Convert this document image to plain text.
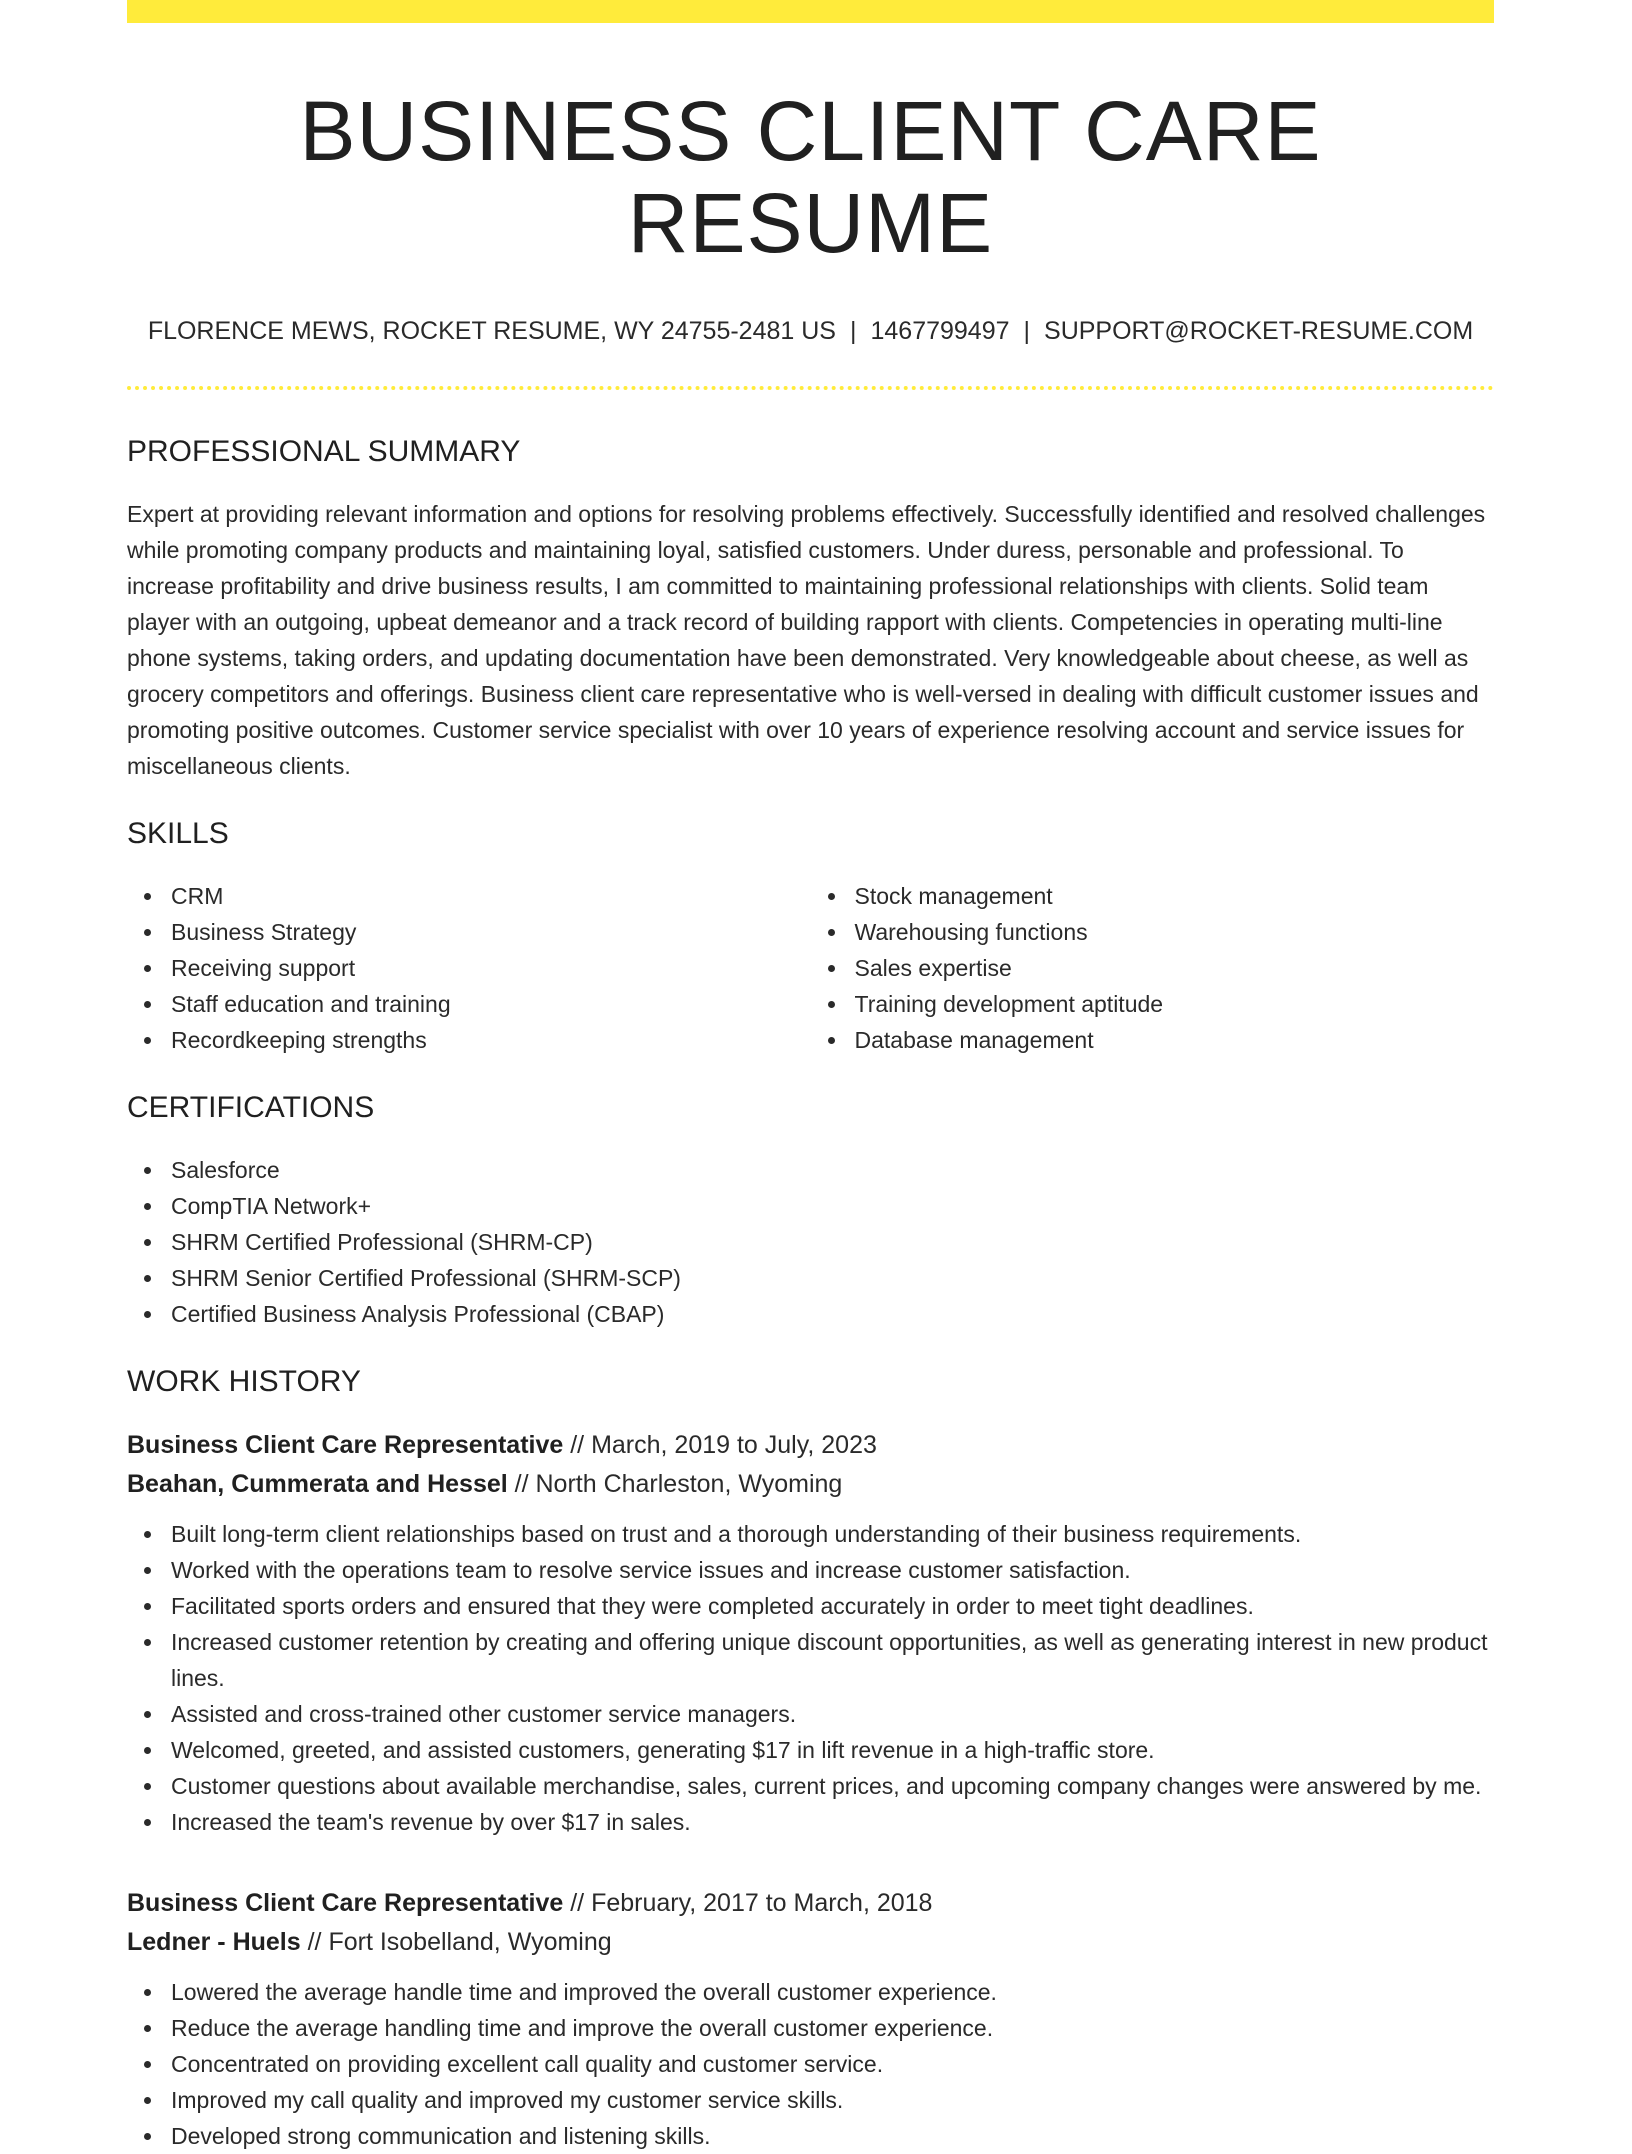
BUSINESS CLIENT CARE RESUME
FLORENCE MEWS, ROCKET RESUME, WY 24755-2481 US | 1467799497 | SUPPORT@ROCKET-RESUME.COM
PROFESSIONAL SUMMARY

Expert at providing relevant information and options for resolving problems effectively. Successfully identified and resolved challenges while promoting company products and maintaining loyal, satisfied customers. Under duress, personable and professional. To increase profitability and drive business results, I am committed to maintaining professional relationships with clients. Solid team player with an outgoing, upbeat demeanor and a track record of building rapport with clients. Competencies in operating multi-line phone systems, taking orders, and updating documentation have been demonstrated. Very knowledgeable about cheese, as well as grocery competitors and offerings. Business client care representative who is well-versed in dealing with difficult customer issues and promoting positive outcomes. Customer service specialist with over 10 years of experience resolving account and service issues for miscellaneous clients.

SKILLS
CRM
Business Strategy
Receiving support
Staff education and training
Recordkeeping strengths
Stock management
Warehousing functions
Sales expertise
Training development aptitude
Database management
CERTIFICATIONS
Salesforce
CompTIA Network+
SHRM Certified Professional (SHRM-CP)
SHRM Senior Certified Professional (SHRM-SCP)
Certified Business Analysis Professional (CBAP)
WORK HISTORY
Business Client Care Representative // March, 2019 to July, 2023
Beahan, Cummerata and Hessel // North Charleston, Wyoming
Built long-term client relationships based on trust and a thorough understanding of their business requirements.
Worked with the operations team to resolve service issues and increase customer satisfaction.
Facilitated sports orders and ensured that they were completed accurately in order to meet tight deadlines.
Increased customer retention by creating and offering unique discount opportunities, as well as generating interest in new product lines.
Assisted and cross-trained other customer service managers.
Welcomed, greeted, and assisted customers, generating $17 in lift revenue in a high-traffic store.
Customer questions about available merchandise, sales, current prices, and upcoming company changes were answered by me.
Increased the team's revenue by over $17 in sales.
Business Client Care Representative // February, 2017 to March, 2018
Ledner - Huels // Fort Isobelland, Wyoming
Lowered the average handle time and improved the overall customer experience.
Reduce the average handling time and improve the overall customer experience.
Concentrated on providing excellent call quality and customer service.
Improved my call quality and improved my customer service skills.
Developed strong communication and listening skills.
